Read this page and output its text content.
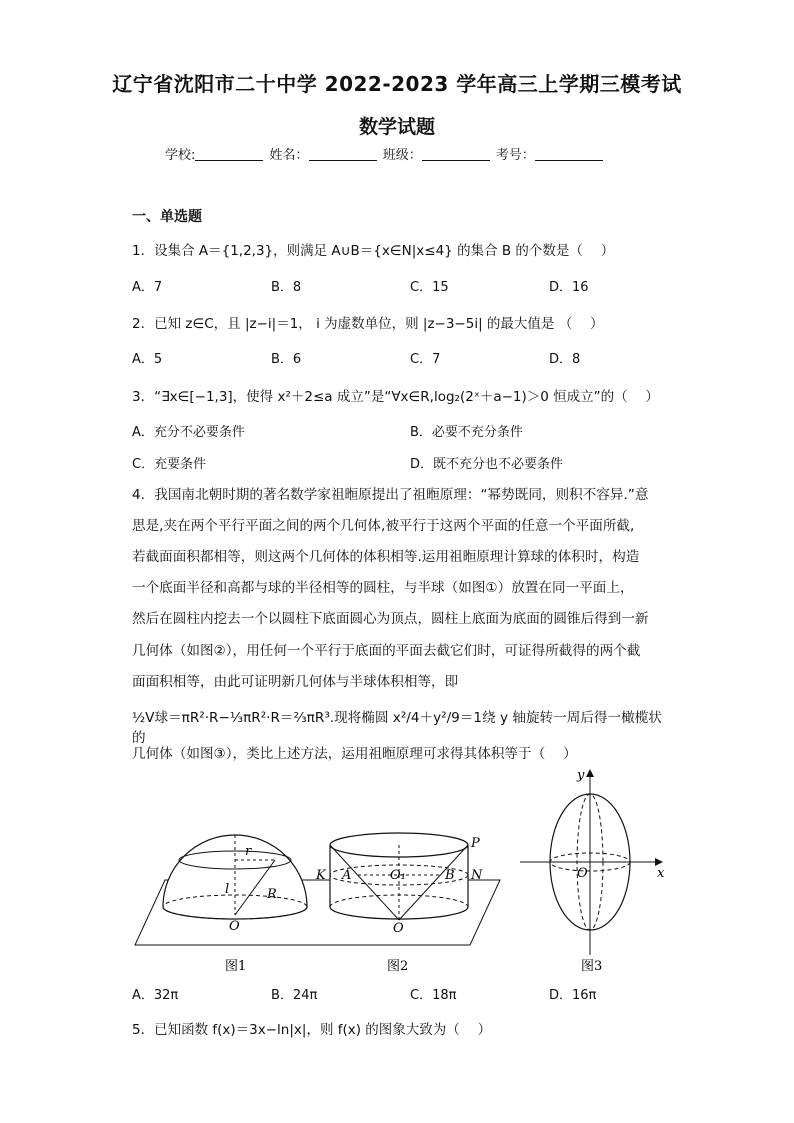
辽宁省沈阳市二十中学 2022-2023 学年高三上学期三模考试
数学试题
学校:	姓名：	班级：	考号：
一、单选题
1．设集合 A＝{1,2,3}，则满足 A∪B＝{x∈N|x≤4} 的集合 B 的个数是（　 ）
A．7	B．8	C．15	D．16
2．已知 z∈C，且 |z−i|＝1， i 为虚数单位，则 |z−3−5i| 的最大值是 （　 ）
A．5	B．6	C．7	D．8
3．“∃x∈[−1,3]，使得 x²＋2≤a 成立”是“∀x∈R,log₂(2ˣ＋a−1)＞0 恒成立”的（　 ）
A．充分不必要条件	B．必要不充分条件
C．充要条件	D．既不充分也不必要条件
4．我国南北朝时期的著名数学家祖暅原提出了祖暅原理：“幂势既同，则积不容异.”意
思是,夹在两个平行平面之间的两个几何体,被平行于这两个平面的任意一个平面所截,
若截面面积都相等，则这两个几何体的体积相等.运用祖暅原理计算球的体积时，构造
一个底面半径和高都与球的半径相等的圆柱，与半球（如图①）放置在同一平面上，
然后在圆柱内挖去一个以圆柱下底面圆心为顶点，圆柱上底面为底面的圆锥后得到一新
几何体（如图②），用任何一个平行于底面的平面去截它们时，可证得所截得的两个截
面面积相等，由此可证明新几何体与半球体积相等，即
½V球＝πR²·R−⅓πR²·R＝⅔πR³.现将椭圆 x²/4＋y²/9＝1绕 y 轴旋转一周后得一橄榄状的
几何体（如图③），类比上述方法，运用祖暅原理可求得其体积等于（　 ）
r
l	R
O
P
K A	O₁	B N
O
y
O	x
图1	图2	图3
A．32π	B．24π	C．18π	D．16π
5．已知函数 f(x)＝3x−ln|x|，则 f(x) 的图象大致为（　 ）
